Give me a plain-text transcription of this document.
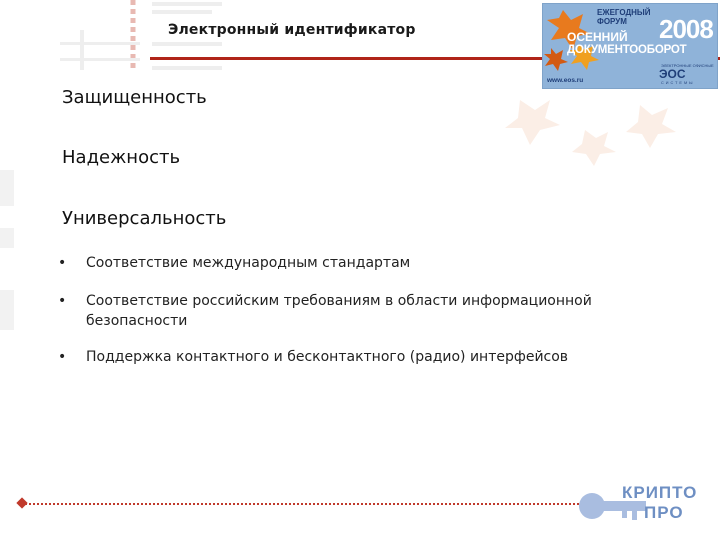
Электронный идентификатор
ЕЖЕГОДНЫЙ
ФОРУМ 2008
ОСЕННИЙ
ДОКУМЕНТООБОРОТ
ЭЛЕКТРОННЫЕ ОФИСНЫЕ
ЭОС
www.eos.ru	СИСТЕМЫ
Защищенность
Надежность
Универсальность
• Соответствие международным стандартам
• Соответствие российским требованиям в области информационной безопасности
• Поддержка контактного и бесконтактного (радио) интерфейсов
КРИПТО
ПРО
